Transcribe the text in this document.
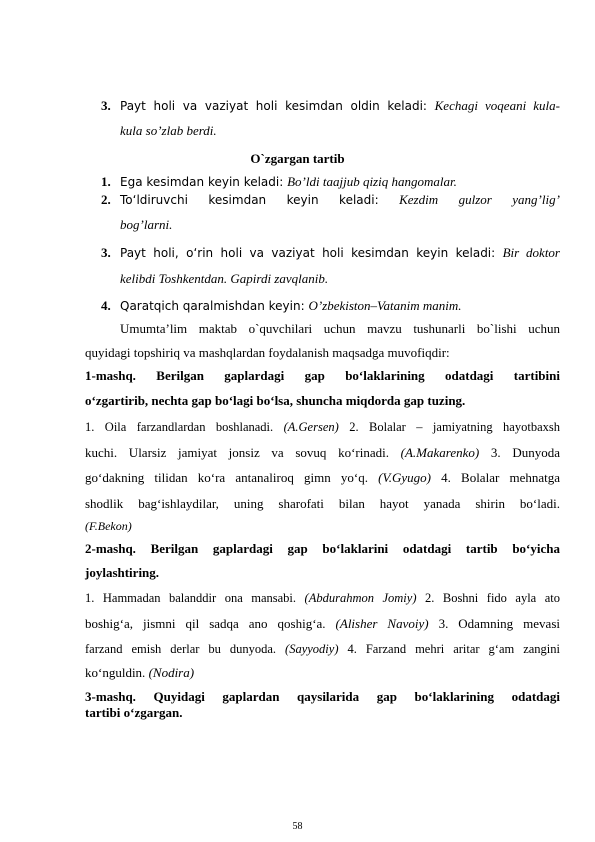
3. Payt holi va vaziyat holi kesimdan oldin keladi: Kechagi voqeani kula-
kula so’zlab berdi.
O`zgargan tartib
1. Ega kesimdan keyin keladi: Bo’ldi taajjub qiziq hangomalar.
2. To‘ldiruvchi kesimdan keyin keladi: Kezdim gulzor yang’lig’
bog’larni.
3. Payt holi, o‘rin holi va vaziyat holi kesimdan keyin keladi: Bir doktor
kelibdi Toshkentdan. Gapirdi zavqlanib.
4. Qaratqich qaralmishdan keyin: O’zbekiston–Vatanim manim.
Umumta’lim maktab o`quvchilari uchun mavzu tushunarli bo`lishi uchun
quyidagi topshiriq va mashqlardan foydalanish maqsadga muvofiqdir:
1-mashq. Berilgan gaplardagi gap bo‘laklarining odatdagi tartibini
o‘zgartirib, nechta gap bo‘lagi bo‘lsa, shuncha miqdorda gap tuzing.
1. Oila farzandlardan boshlanadi. (A.Gersen) 2. Bolalar – jamiyatning hayotbaxsh
kuchi. Ularsiz jamiyat jonsiz va sovuq ko‘rinadi. (A.Makarenko) 3. Dunyoda
go‘dakning tilidan ko‘ra antanaliroq gimn yo‘q. (V.Gyugo) 4. Bolalar mehnatga
shodlik bag‘ishlaydilar, uning sharofati bilan hayot yanada shirin bo‘ladi.
(F.Bekon)
2-mashq. Berilgan gaplardagi gap bo‘laklarini odatdagi tartib bo‘yicha
joylashtiring.
1. Hammadan balanddir ona mansabi. (Abdurahmon Jomiy) 2. Boshni fido ayla ato
boshig‘a, jismni qil sadqa ano qoshig‘a. (Alisher Navoiy) 3. Odamning mevasi
farzand emish derlar bu dunyoda. (Sayyodiy) 4. Farzand mehri aritar g‘am zangini
ko‘nguldin. (Nodira)
3-mashq. Quyidagi gaplardan qaysilarida gap bo‘laklarining odatdagi
tartibi o‘zgargan.
58
